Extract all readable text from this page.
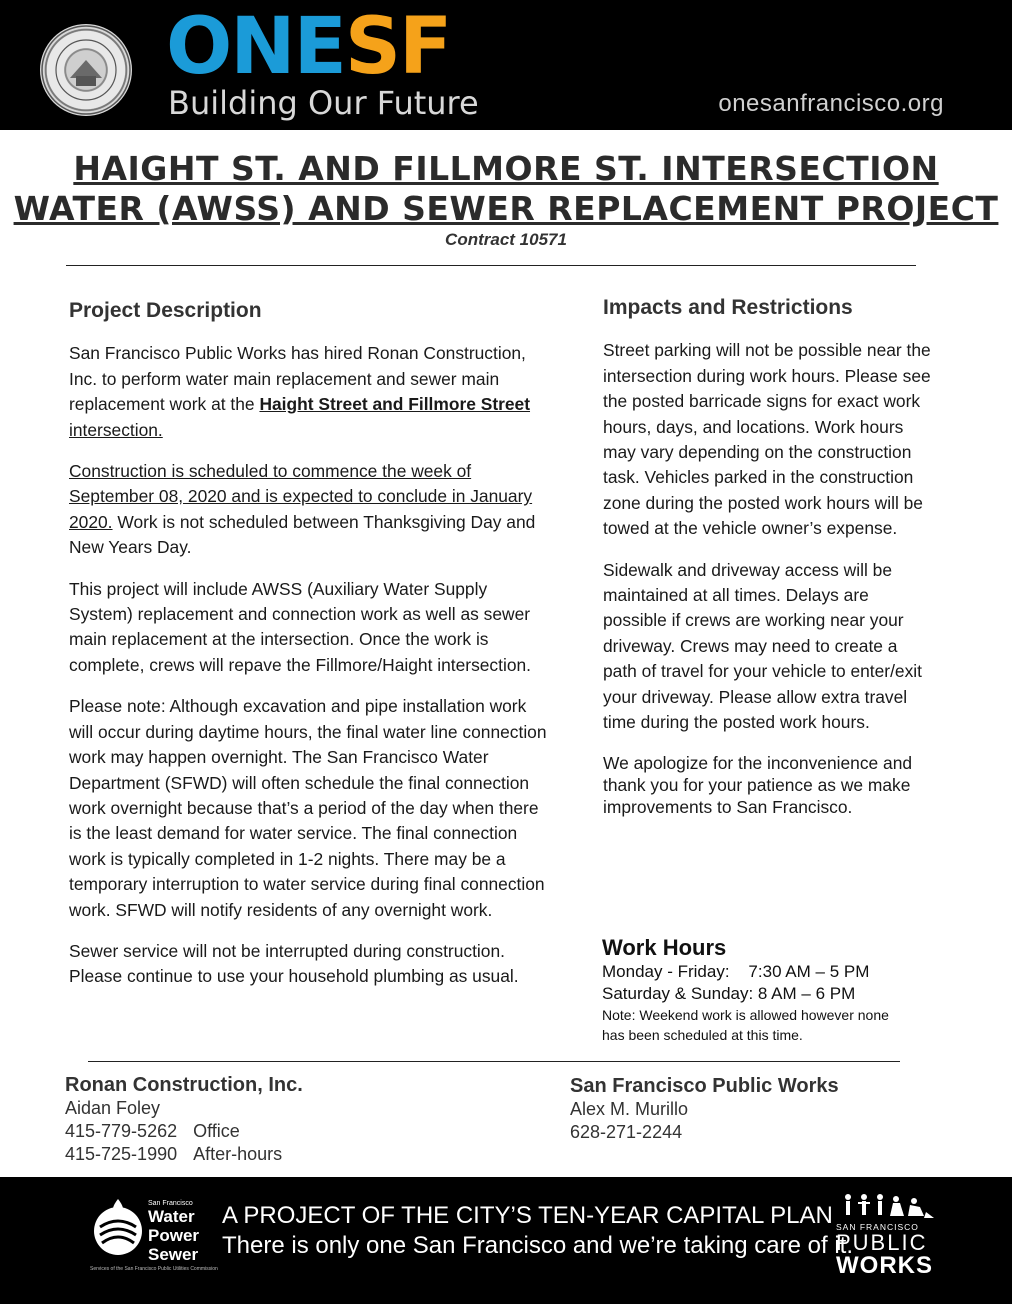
ONESF
Building Our Future	onesanfrancisco.org
HAIGHT ST. AND FILLMORE ST. INTERSECTION
WATER (AWSS) AND SEWER REPLACEMENT PROJECT
Contract 10571
Project Description

San Francisco Public Works has hired Ronan Construction, Inc. to perform water main replacement and sewer main replacement work at the Haight Street and Fillmore Street intersection.

Construction is scheduled to commence the week of September 08, 2020 and is expected to conclude in January 2020. Work is not scheduled between Thanksgiving Day and New Years Day.

This project will include AWSS (Auxiliary Water Supply System) replacement and connection work as well as sewer main replacement at the intersection. Once the work is complete, crews will repave the Fillmore/Haight intersection.

Please note: Although excavation and pipe installation work will occur during daytime hours, the final water line connection work may happen overnight. The San Francisco Water Department (SFWD) will often schedule the final connection work overnight because that’s a period of the day when there is the least demand for water service. The final connection work is typically completed in 1-2 nights. There may be a temporary interruption to water service during final connection work. SFWD will notify residents of any overnight work.

Sewer service will not be interrupted during construction. Please continue to use your household plumbing as usual.

Impacts and Restrictions

Street parking will not be possible near the intersection during work hours. Please see the posted barricade signs for exact work hours, days, and locations. Work hours may vary depending on the construction task. Vehicles parked in the construction zone during the posted work hours will be towed at the vehicle owner’s expense.

Sidewalk and driveway access will be maintained at all times. Delays are possible if crews are working near your driveway. Crews may need to create a path of travel for your vehicle to enter/exit your driveway. Please allow extra travel time during the posted work hours.

We apologize for the inconvenience and thank you for your patience as we make improvements to San Francisco.

Work Hours
Monday - Friday:    7:30 AM – 5 PM
Saturday & Sunday: 8 AM – 6 PM
Note: Weekend work is allowed however none has been scheduled at this time.
Ronan Construction, Inc.
Aidan Foley
415-779-5262 Office
415-725-1990 After-hours
San Francisco Public Works
Alex M. Murillo
628-271-2244
San Francisco
Water
Power
Sewer
Services of the San Francisco Public Utilities Commission
A PROJECT OF THE CITY’S TEN-YEAR CAPITAL PLAN
There is only one San Francisco and we’re taking care of it.
SAN FRANCISCO
PUBLIC
WORKS
